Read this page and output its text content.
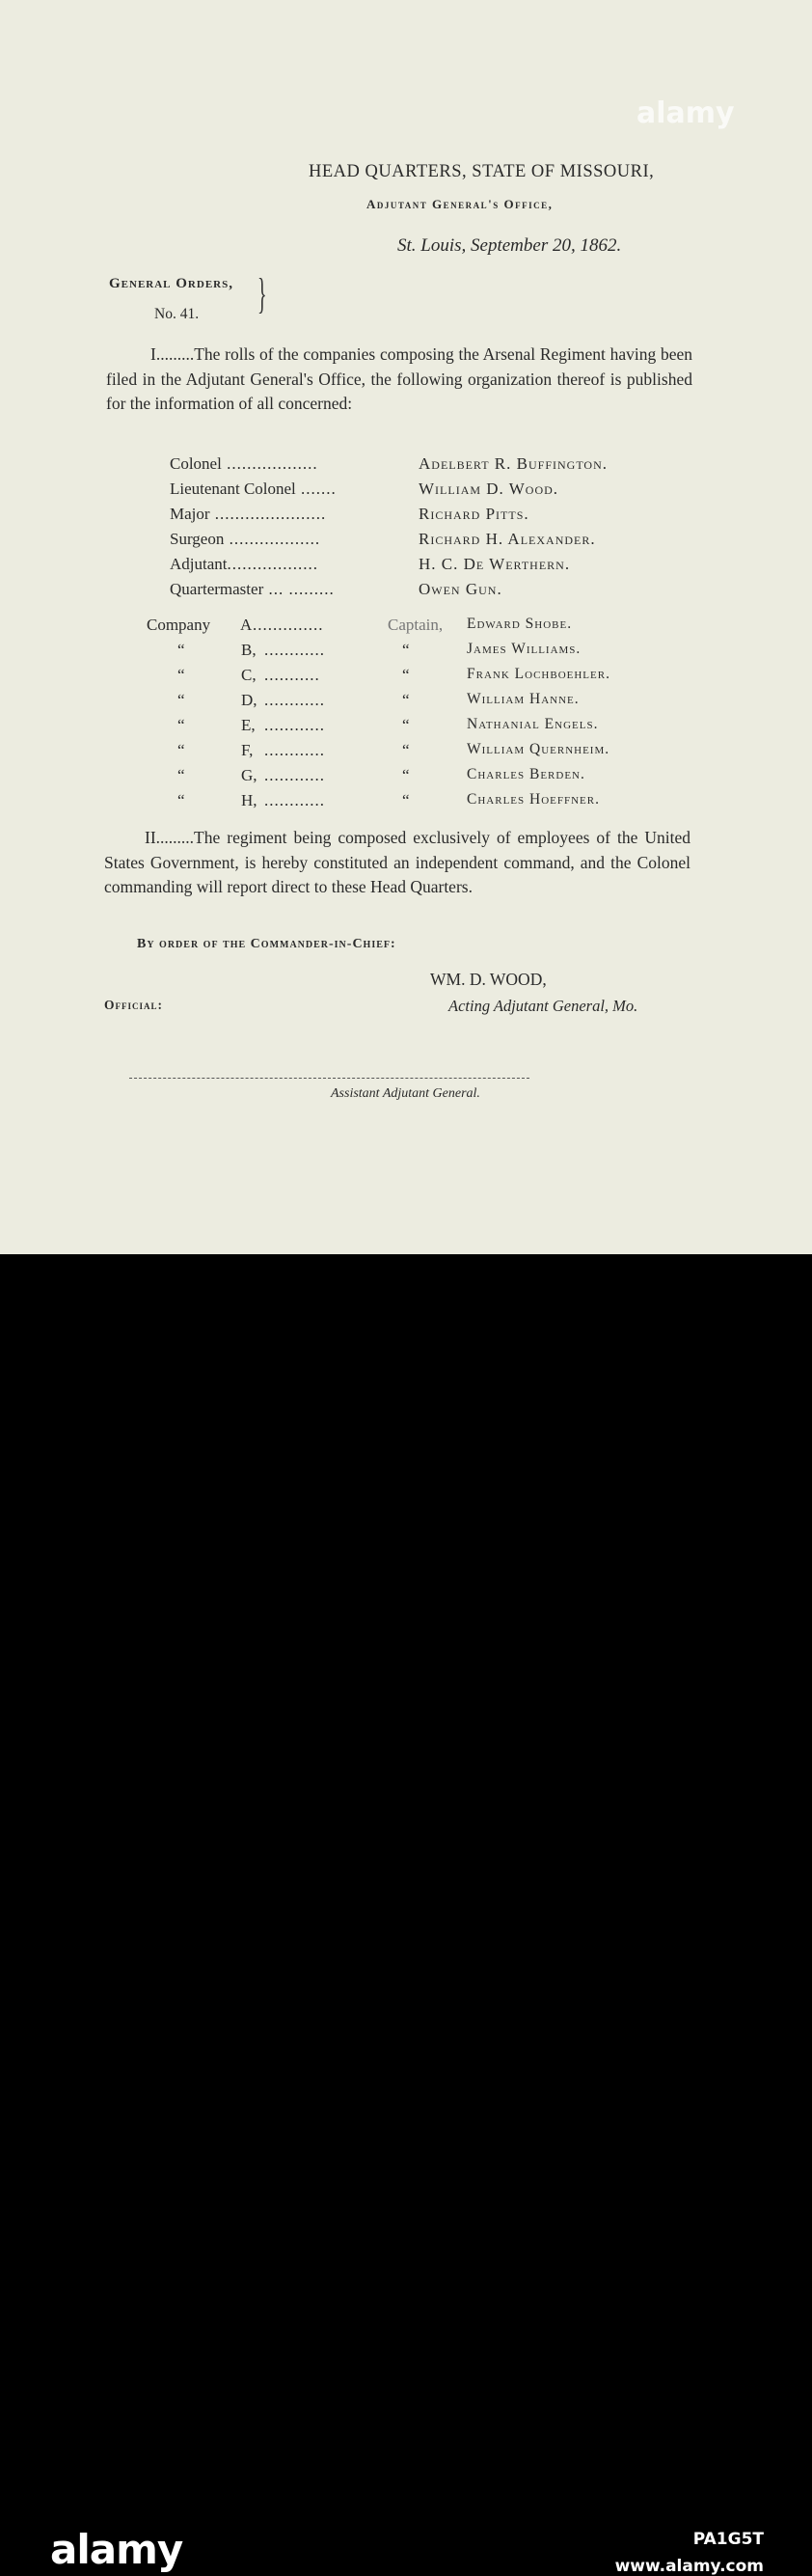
HEAD QUARTERS, STATE OF MISSOURI,
Adjutant General's Office,
St. Louis, September 20, 1862.
General Orders,
No. 41. }
I.........The rolls of the companies composing the Arsenal Regiment having been filed in the Adjutant General's Office, the following organization thereof is published for the information of all concerned:
Colonel ..................	Adelbert R. Buffington.
Lieutenant Colonel .......	William D. Wood.
Major ......................	Richard Pitts.
Surgeon ..................	Richard H. Alexander.
Adjutant..................	H. C. De Werthern.
Quartermaster ... .........	Owen Gun.
Company A ..............	Captain, Edward Shobe.
“	B, ............	“	James Williams.
“	C, ...........	“	Frank Lochboehler.
“	D, ............	“	William Hanne.
“	E, ............	“	Nathanial Engels.
“	F, ............	“	William Quernheim.
“	G, ............	“	Charles Berden.
“	H, ............	“	Charles Hoeffner.
II.........The regiment being composed exclusively of employees of the United States Government, is hereby constituted an independent command, and the Colonel commanding will report direct to these Head Quarters.
By order of the Commander-in-Chief:
WM. D. WOOD,
Official:	Acting Adjutant General, Mo.
Assistant Adjutant General.
alamy
alamy	PA1G5T
www.alamy.com
